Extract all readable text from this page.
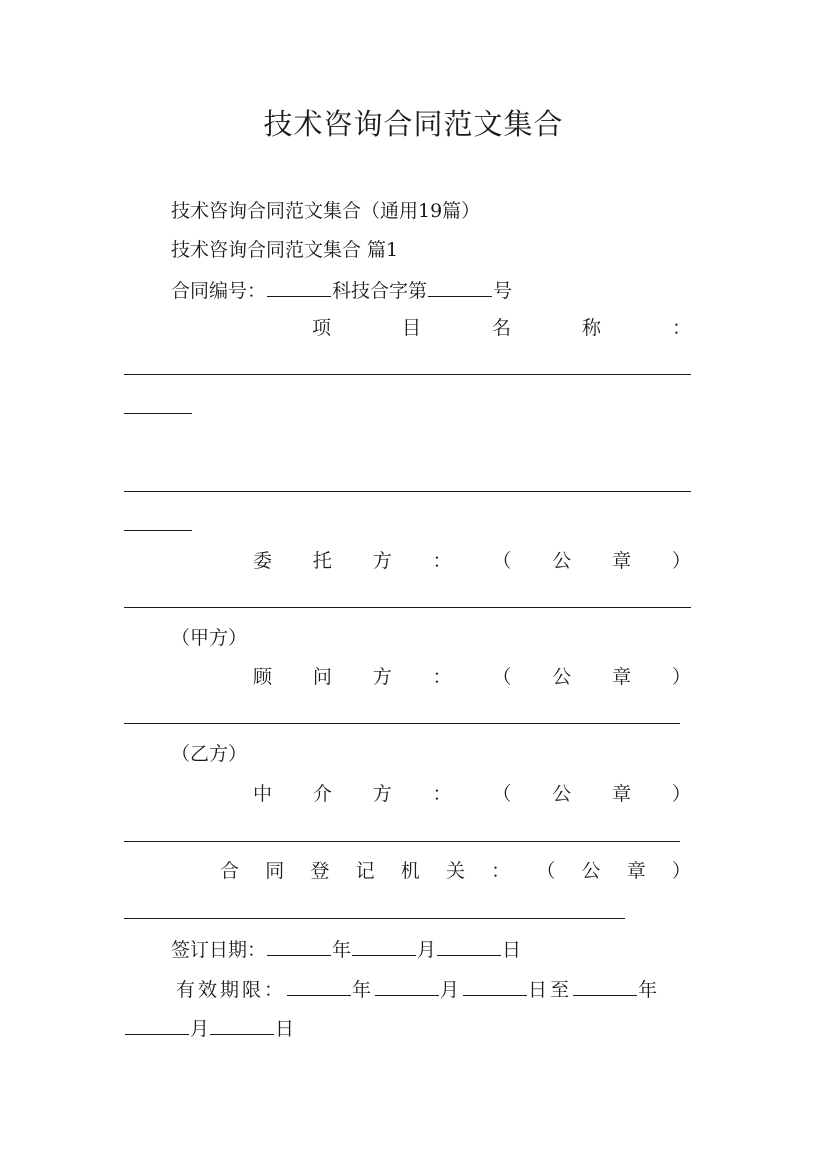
技术咨询合同范文集合
技术咨询合同范文集合（通用19篇）
技术咨询合同范文集合 篇1
合同编号：	科技合字第	号
项	目	名	称	：
委 托 方 ： （ 公 章 ）
（甲方）
顾 问 方 ： （ 公 章 ）
（乙方）
中 介 方 ： （ 公 章 ）
合 同 登 记 机 关 ： （ 公 章 ）
签订日期：	年	月	日
有效期限：	年	月	日至	年
月	日
